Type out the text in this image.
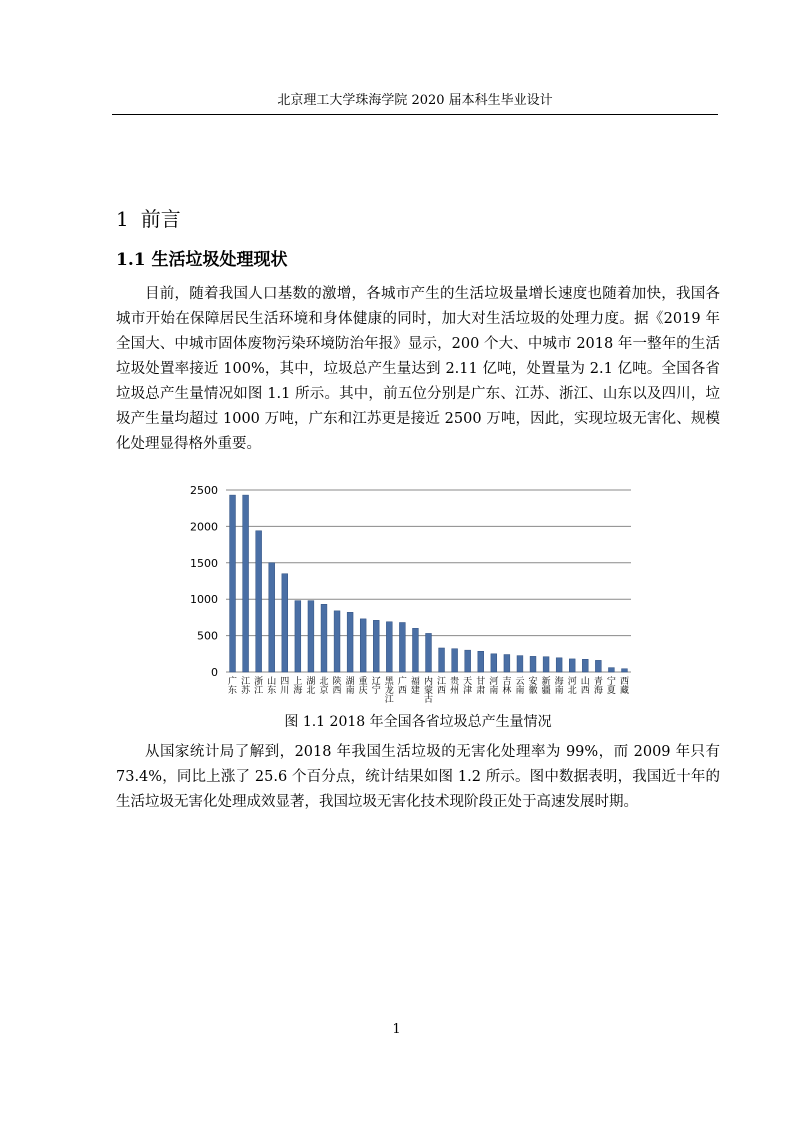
北京理工大学珠海学院 2020 届本科生毕业设计
1 前言
1.1 生活垃圾处理现状

目前，随着我国人口基数的激增，各城市产生的生活垃圾量增长速度也随着加快，我国各城市开始在保障居民生活环境和身体健康的同时，加大对生活垃圾的处理力度。据《2019 年全国大、中城市固体废物污染环境防治年报》显示，200 个大、中城市 2018 年一整年的生活垃圾处置率接近 100%，其中，垃圾总产生量达到 2.11 亿吨，处置量为 2.1 亿吨。全国各省垃圾总产生量情况如图 1.1 所示。其中，前五位分别是广东、江苏、浙江、山东以及四川，垃圾产生量均超过 1000 万吨，广东和江苏更是接近 2500 万吨，因此，实现垃圾无害化、规模化处理显得格外重要。

0
500
1000
1500
2000
2500
广东
江苏
浙江
山东
四川
上海
湖北
北京
陕西
湖南
重庆
辽宁
黑龙江
广西
福建
内蒙古
江西
贵州
天津
甘肃
河南
吉林
云南
安徽
新疆
海南
河北
山西
青海
宁夏
西藏
图 1.1 2018 年全国各省垃圾总产生量情况

从国家统计局了解到，2018 年我国生活垃圾的无害化处理率为 99%，而 2009 年只有 73.4%，同比上涨了 25.6 个百分点，统计结果如图 1.2 所示。图中数据表明，我国近十年的生活垃圾无害化处理成效显著，我国垃圾无害化技术现阶段正处于高速发展时期。

1
